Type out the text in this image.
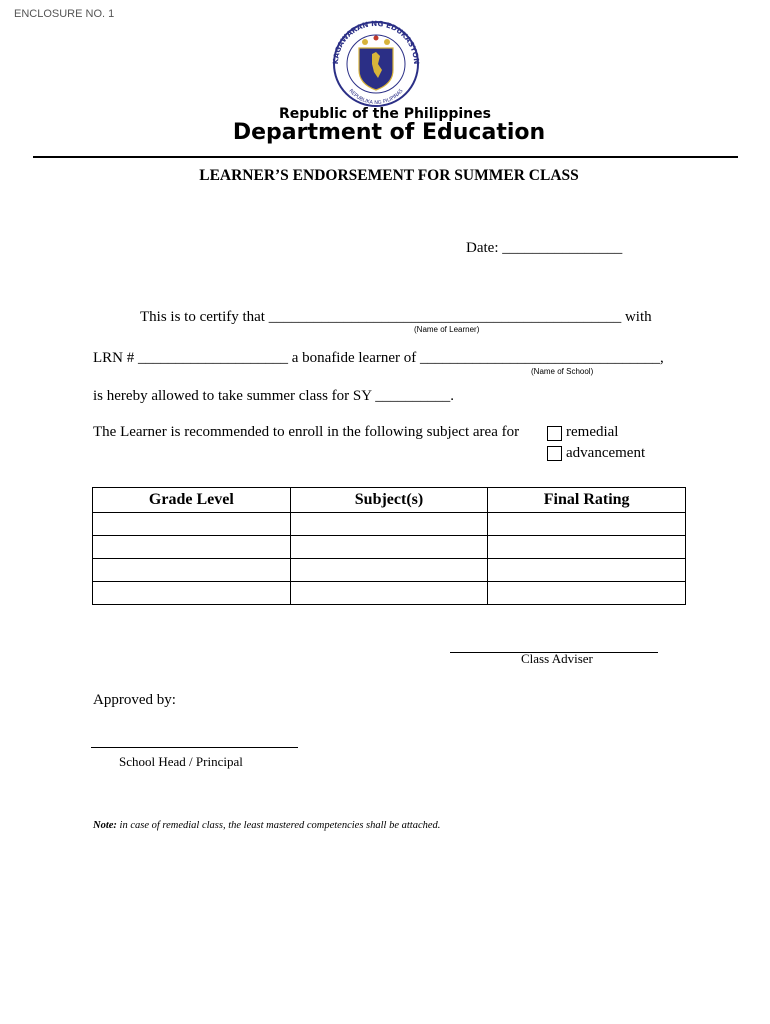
ENCLOSURE NO. 1
KAGAWARAN NG EDUKASYON
REPUBLIKA NG PILIPINAS
Republic of the Philippines
Department of Education
LEARNER’S ENDORSEMENT FOR SUMMER CLASS
Date: ________________
This is to certify that _______________________________________________ with
(Name of Learner)
LRN # ____________________ a bonafide learner of ________________________________,
(Name of School)
is hereby allowed to take summer class for SY __________.
The Learner is recommended to enroll in the following subject area for	remedial
advancement
Grade Level	Subject(s)	Final Rating

Class Adviser
Approved by:
School Head / Principal
Note: in case of remedial class, the least mastered competencies shall be attached.
